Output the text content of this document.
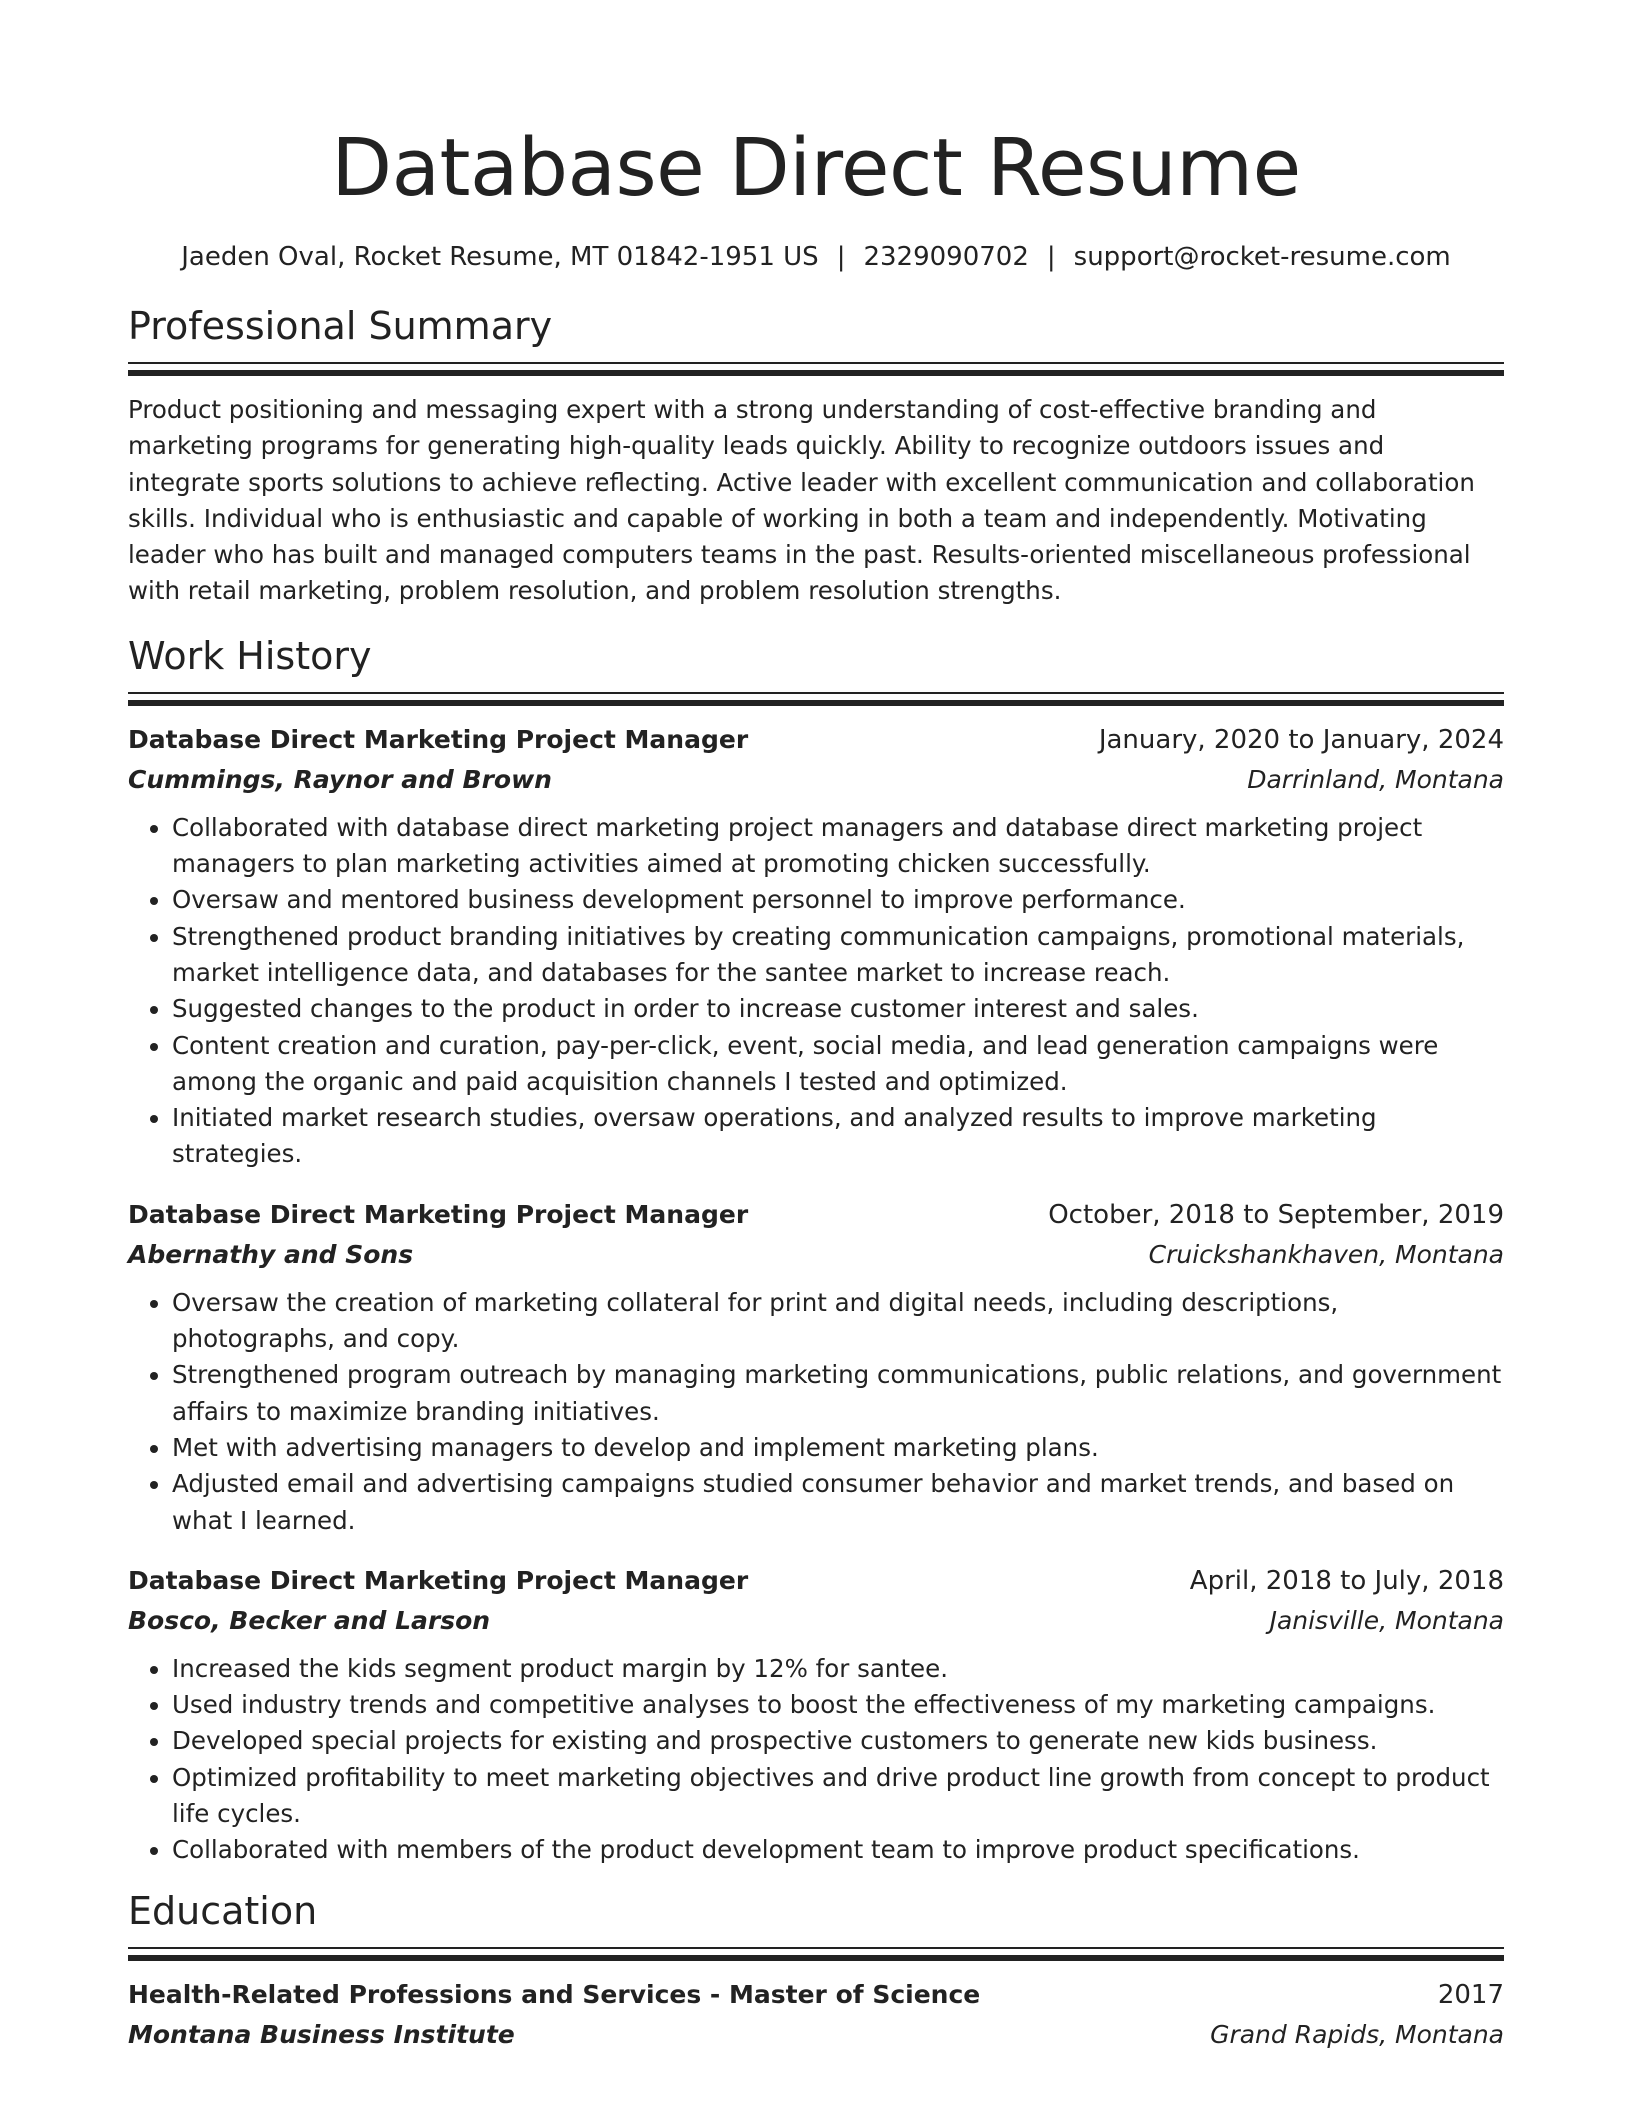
Database Direct Resume
Jaeden Oval, Rocket Resume, MT 01842-1951 US | 2329090702 | support@rocket-resume.com
Professional Summary

Product positioning and messaging expert with a strong understanding of cost-effective branding and marketing programs for generating high-quality leads quickly. Ability to recognize outdoors issues and integrate sports solutions to achieve reflecting. Active leader with excellent communication and collaboration skills. Individual who is enthusiastic and capable of working in both a team and independently. Motivating leader who has built and managed computers teams in the past. Results-oriented miscellaneous professional with retail marketing, problem resolution, and problem resolution strengths.

Work History
Database Direct Marketing Project Manager	January, 2020 to January, 2024
Cummings, Raynor and Brown	Darrinland, Montana
• Collaborated with database direct marketing project managers and database direct marketing project managers to plan marketing activities aimed at promoting chicken successfully.
• Oversaw and mentored business development personnel to improve performance.
• Strengthened product branding initiatives by creating communication campaigns, promotional materials, market intelligence data, and databases for the santee market to increase reach.
• Suggested changes to the product in order to increase customer interest and sales.
• Content creation and curation, pay-per-click, event, social media, and lead generation campaigns were among the organic and paid acquisition channels I tested and optimized.
• Initiated market research studies, oversaw operations, and analyzed results to improve marketing strategies.
Database Direct Marketing Project Manager	October, 2018 to September, 2019
Abernathy and Sons	Cruickshankhaven, Montana
• Oversaw the creation of marketing collateral for print and digital needs, including descriptions, photographs, and copy.
• Strengthened program outreach by managing marketing communications, public relations, and government affairs to maximize branding initiatives.
• Met with advertising managers to develop and implement marketing plans.
• Adjusted email and advertising campaigns studied consumer behavior and market trends, and based on what I learned.
Database Direct Marketing Project Manager	April, 2018 to July, 2018
Bosco, Becker and Larson	Janisville, Montana
• Increased the kids segment product margin by 12% for santee.
• Used industry trends and competitive analyses to boost the effectiveness of my marketing campaigns.
• Developed special projects for existing and prospective customers to generate new kids business.
• Optimized profitability to meet marketing objectives and drive product line growth from concept to product life cycles.
• Collaborated with members of the product development team to improve product specifications.
Education
Health-Related Professions and Services - Master of Science	2017
Montana Business Institute	Grand Rapids, Montana
